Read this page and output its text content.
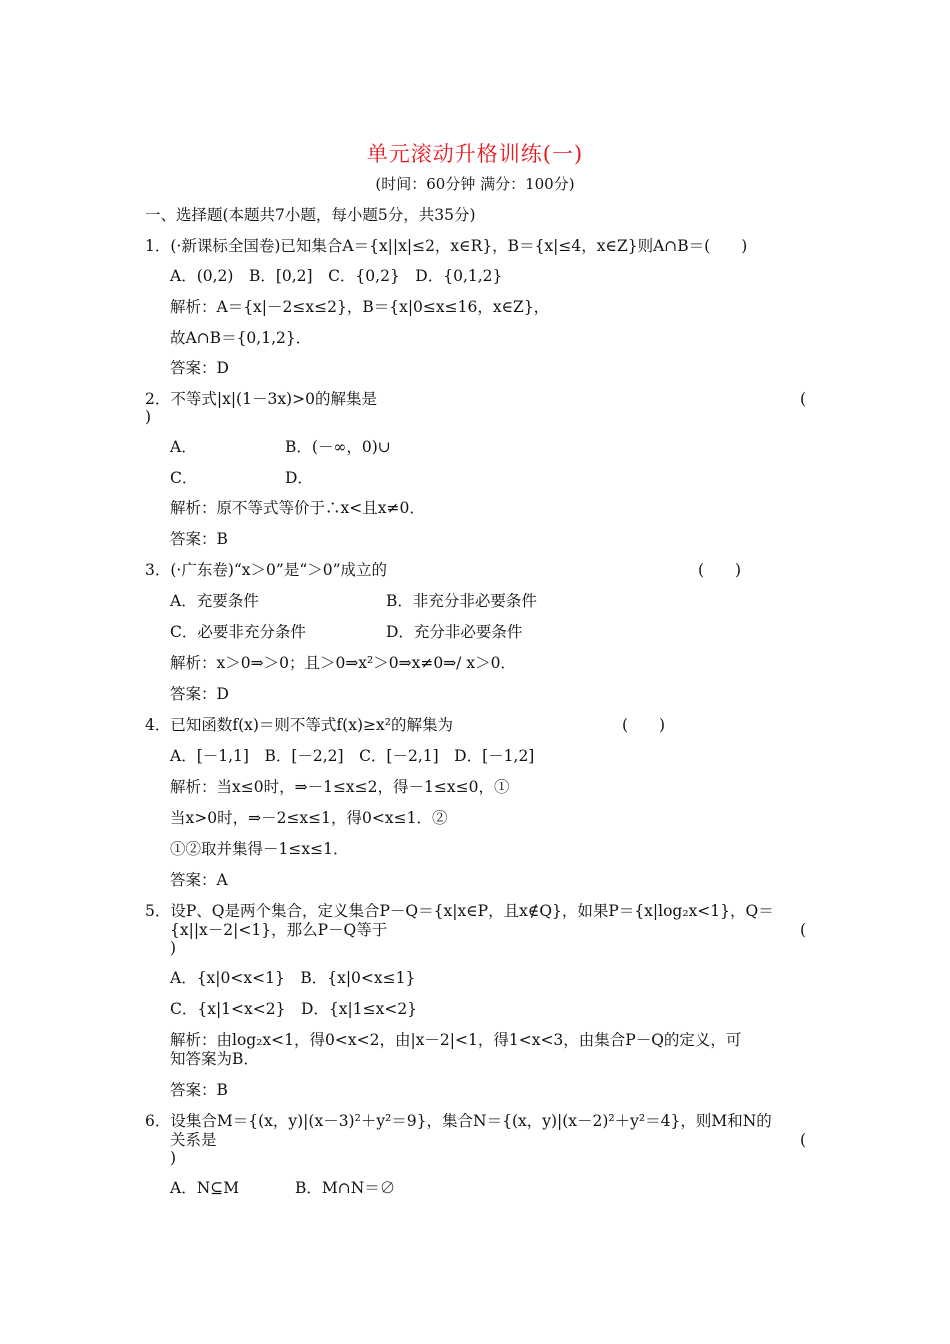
单元滚动升格训练(一)
(时间：60分钟 满分：100分)
一、选择题(本题共7小题，每小题5分，共35分)
1．(·新课标全国卷)已知集合A＝{x||x|≤2，x∈R}，B＝{x|≤4，x∈Z}则A∩B＝(　　)
A．(0,2)　B．[0,2]　C．{0,2}　D．{0,1,2}
解析：A＝{x|－2≤x≤2}，B＝{x|0≤x≤16，x∈Z}，
故A∩B＝{0,1,2}．
答案：D
2．不等式|x|(1－3x)>0的解集是	(
)
A．	B．(－∞，0)∪
C．	D．
解析：原不等式等价于∴x<且x≠0．
答案：B
3．(·广东卷)“x＞0”是“＞0”成立的	(　　)
A．充要条件	B．非充分非必要条件
C．必要非充分条件	D．充分非必要条件
解析：x＞0⇒＞0；且＞0⇒x²＞0⇒x≠0⇒/ x＞0．
答案：D
4．已知函数f(x)＝则不等式f(x)≥x²的解集为	(　　)
A．[－1,1]　B．[－2,2]　C．[－2,1]　D．[－1,2]
解析：当x≤0时，⇒－1≤x≤2，得－1≤x≤0，①
当x>0时，⇒－2≤x≤1，得0<x≤1．②
①②取并集得－1≤x≤1．
答案：A
5．设P、Q是两个集合，定义集合P－Q＝{x|x∈P，且x∉Q}，如果P＝{x|log₂x<1}，Q＝
{x||x－2|<1}，那么P－Q等于	(
)
A．{x|0<x<1}　B．{x|0<x≤1}
C．{x|1<x<2}　D．{x|1≤x<2}
解析：由log₂x<1，得0<x<2，由|x－2|<1，得1<x<3，由集合P－Q的定义，可
知答案为B．
答案：B
6．设集合M＝{(x，y)|(x－3)²＋y²＝9}，集合N＝{(x，y)|(x－2)²＋y²＝4}，则M和N的
关系是	(
)
A．N⊆M	B．M∩N＝∅
